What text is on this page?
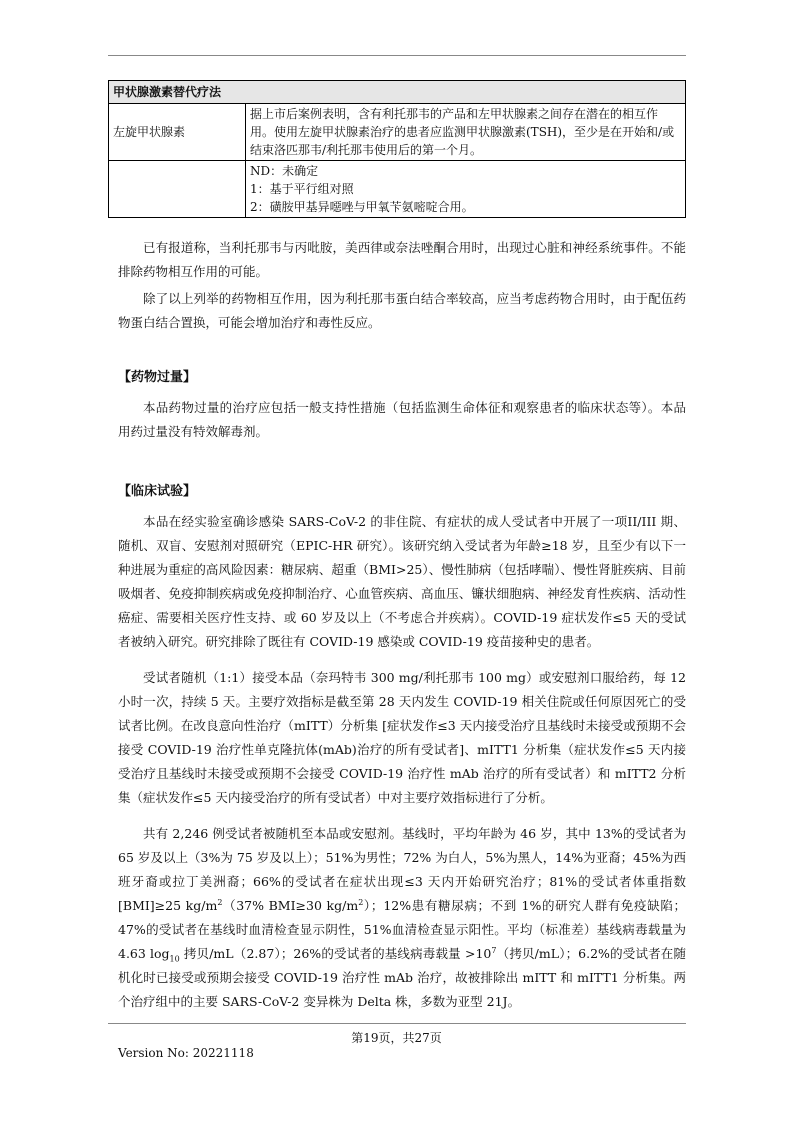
甲状腺激素替代疗法	
左旋甲状腺素	据上市后案例表明，含有利托那韦的产品和左甲状腺素之间存在潜在的相互作用。使用左旋甲状腺素治疗的患者应监测甲状腺激素(TSH)，至少是在开始和/或结束洛匹那韦/利托那韦使用后的第一个月。

	ND：未确定
1：基于平行组对照
2：磺胺甲基异噁唑与甲氧苄氨嘧啶合用。

已有报道称，当利托那韦与丙吡胺，美西律或奈法唑酮合用时，出现过心脏和神经系统事件。不能排除药物相互作用的可能。

除了以上列举的药物相互作用，因为利托那韦蛋白结合率较高，应当考虑药物合用时，由于配伍药物蛋白结合置换，可能会增加治疗和毒性反应。

【药物过量】

本品药物过量的治疗应包括一般支持性措施（包括监测生命体征和观察患者的临床状态等）。本品用药过量没有特效解毒剂。

【临床试验】

本品在经实验室确诊感染 SARS-CoV-2 的非住院、有症状的成人受试者中开展了一项II/III 期、随机、双盲、安慰剂对照研究（EPIC-HR 研究）。该研究纳入受试者为年龄≥18 岁，且至少有以下一种进展为重症的高风险因素：糖尿病、超重（BMI>25）、慢性肺病（包括哮喘）、慢性肾脏疾病、目前吸烟者、免疫抑制疾病或免疫抑制治疗、心血管疾病、高血压、镰状细胞病、神经发育性疾病、活动性癌症、需要相关医疗性支持、或 60 岁及以上（不考虑合并疾病）。COVID-19 症状发作≤5 天的受试者被纳入研究。研究排除了既往有 COVID-19 感染或 COVID-19 疫苗接种史的患者。

受试者随机（1:1）接受本品（奈玛特韦 300 mg/利托那韦 100 mg）或安慰剂口服给药，每 12 小时一次，持续 5 天。主要疗效指标是截至第 28 天内发生 COVID-19 相关住院或任何原因死亡的受试者比例。在改良意向性治疗（mITT）分析集 [症状发作≤3 天内接受治疗且基线时未接受或预期不会接受 COVID-19 治疗性单克隆抗体(mAb)治疗的所有受试者]、mITT1 分析集（症状发作≤5 天内接受治疗且基线时未接受或预期不会接受 COVID-19 治疗性 mAb 治疗的所有受试者）和 mITT2 分析集（症状发作≤5 天内接受治疗的所有受试者）中对主要疗效指标进行了分析。

共有 2,246 例受试者被随机至本品或安慰剂。基线时，平均年龄为 46 岁，其中 13%的受试者为 65 岁及以上（3%为 75 岁及以上）；51%为男性；72% 为白人，5%为黑人，14%为亚裔；45%为西班牙裔或拉丁美洲裔；66%的受试者在症状出现≤3 天内开始研究治疗；81%的受试者体重指数[BMI]≥25 $kg/m^2(37\%$ BMI≥30 $kg/m^2$）；12%患有糖尿病；不到 1%的研究人群有免疫缺陷；47%的受试者在基线时血清检查显示阴性，51%血清检查显示阳性。平均（标准差）基线病毒载量为 4.63 $\log_{10}$ 拷贝/mL（2.87）；26%的受试者的基线病毒载量 $>10^7$（拷贝/mL）；6.2%的受试者在随机化时已接受或预期会接受 COVID-19 治疗性 mAb 治疗，故被排除出 mITT 和 mITT1 分析集。两个治疗组中的主要 SARS-CoV-2 变异株为 Delta 株，多数为亚型 21J。

第19页，共27页
Version No: 20221118
